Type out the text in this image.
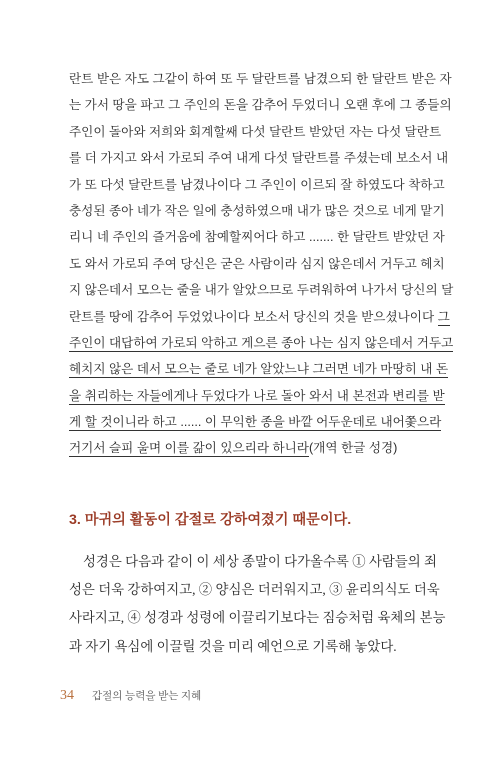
란트 받은 자도 그같이 하여 또 두 달란트를 남겼으되 한 달란트 받은 자
는 가서 땅을 파고 그 주인의 돈을 감추어 두었더니 오랜 후에 그 종들의
주인이 돌아와 저희와 회계할쌔 다섯 달란트 받았던 자는 다섯 달란트
를 더 가지고 와서 가로되 주여 내게 다섯 달란트를 주셨는데 보소서 내
가 또 다섯 달란트를 남겼나이다 그 주인이 이르되 잘 하였도다 착하고
충성된 종아 네가 작은 일에 충성하였으매 내가 많은 것으로 네게 맡기
리니 네 주인의 즐거움에 참예할찌어다 하고 ....... 한 달란트 받았던 자
도 와서 가로되 주여 당신은 굳은 사람이라 심지 않은데서 거두고 헤치
지 않은데서 모으는 줄을 내가 알았으므로 두려워하여 나가서 당신의 달
란트를 땅에 감추어 두었었나이다 보소서 당신의 것을 받으셨나이다 그
주인이 대답하여 가로되 악하고 게으른 종아 나는 심지 않은데서 거두고
헤치지 않은 데서 모으는 줄로 네가 알았느냐 그러면 네가 마땅히 내 돈
을 취리하는 자들에게나 두었다가 나로 돌아 와서 내 본전과 변리를 받
게 할 것이니라 하고 ...... 이 무익한 종을 바깥 어두운데로 내어쫓으라
거기서 슬피 울며 이를 갊이 있으리라 하니라(개역 한글 성경)
3. 마귀의 활동이 갑절로 강하여졌기 때문이다.
성경은 다음과 같이 이 세상 종말이 다가올수록 ① 사람들의 죄
성은 더욱 강하여지고, ② 양심은 더러워지고, ③ 윤리의식도 더욱
사라지고, ④ 성경과 성령에 이끌리기보다는 짐승처럼 육체의 본능
과 자기 욕심에 이끌릴 것을 미리 예언으로 기록해 놓았다.
34 갑절의 능력을 받는 지혜
